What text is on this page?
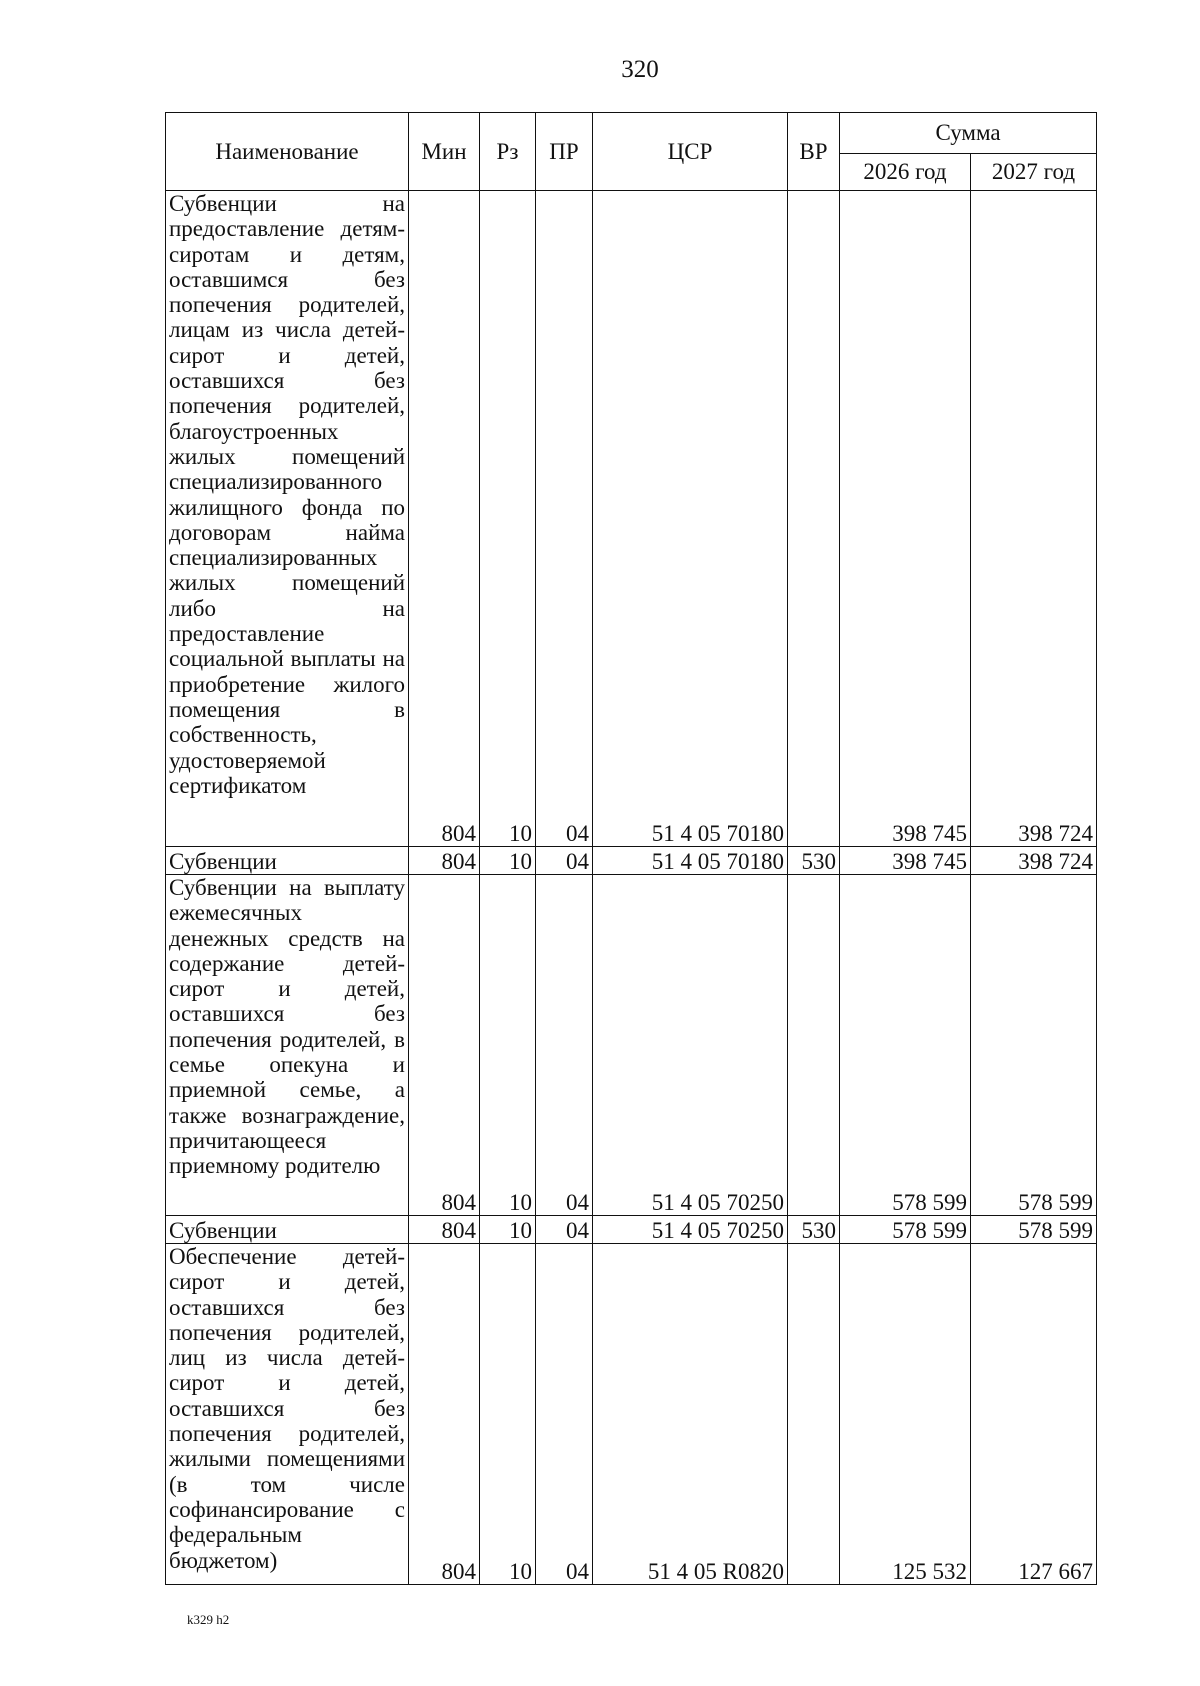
320
Наименование	Мин	Рз	ПР	ЦСР	ВР	Сумма	
						2026 год	2027 год
Субвенции на предоставление детям-сиротам и детям, оставшимся без попечения родителей, лицам из числа детей-сирот и детей, оставшихся без попечения родителей, благоустроенных жилых помещений специализированного жилищного фонда по договорам найма специализированных жилых помещений либо на предоставление социальной выплаты на приобретение жилого помещения в собственность, удостоверяемой сертификатом	804	10	04	51 4 05 70180		398 745	398 724
Субвенции	804	10	04	51 4 05 70180	530	398 745	398 724
Субвенции на выплату ежемесячных денежных средств на содержание детей-сирот и детей, оставшихся без попечения родителей, в семье опекуна и приемной семье, а также вознаграждение, причитающееся приемному родителю	804	10	04	51 4 05 70250		578 599	578 599
Субвенции	804	10	04	51 4 05 70250	530	578 599	578 599
Обеспечение детей-сирот и детей, оставшихся без попечения родителей, лиц из числа детей-сирот и детей, оставшихся без попечения родителей, жилыми помещениями (в том числе софинансирование с федеральным бюджетом)	804	10	04	51 4 05 R0820		125 532	127 667
k329 h2
